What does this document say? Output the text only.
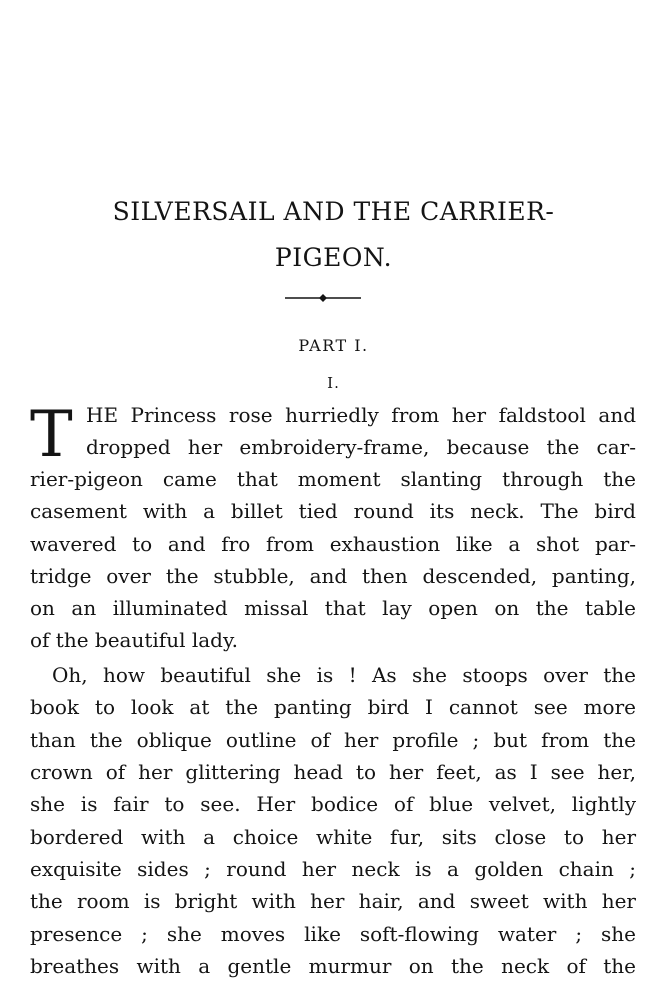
SILVERSAIL AND THE CARRIER-
PIGEON.
PART I.
I.
T HE Princess rose hurriedly from her faldstool and
dropped her embroidery-frame, because the car-
rier-pigeon came that moment slanting through the
casement with a billet tied round its neck. The bird
wavered to and fro from exhaustion like a shot par-
tridge over the stubble, and then descended, panting,
on an illuminated missal that lay open on the table
of the beautiful lady.
Oh, how beautiful she is ! As she stoops over the
book to look at the panting bird I cannot see more
than the oblique outline of her profile ; but from the
crown of her glittering head to her feet, as I see her,
she is fair to see. Her bodice of blue velvet, lightly
bordered with a choice white fur, sits close to her
exquisite sides ; round her neck is a golden chain ;
the room is bright with her hair, and sweet with her
presence ; she moves like soft-flowing water ; she
breathes with a gentle murmur on the neck of the
